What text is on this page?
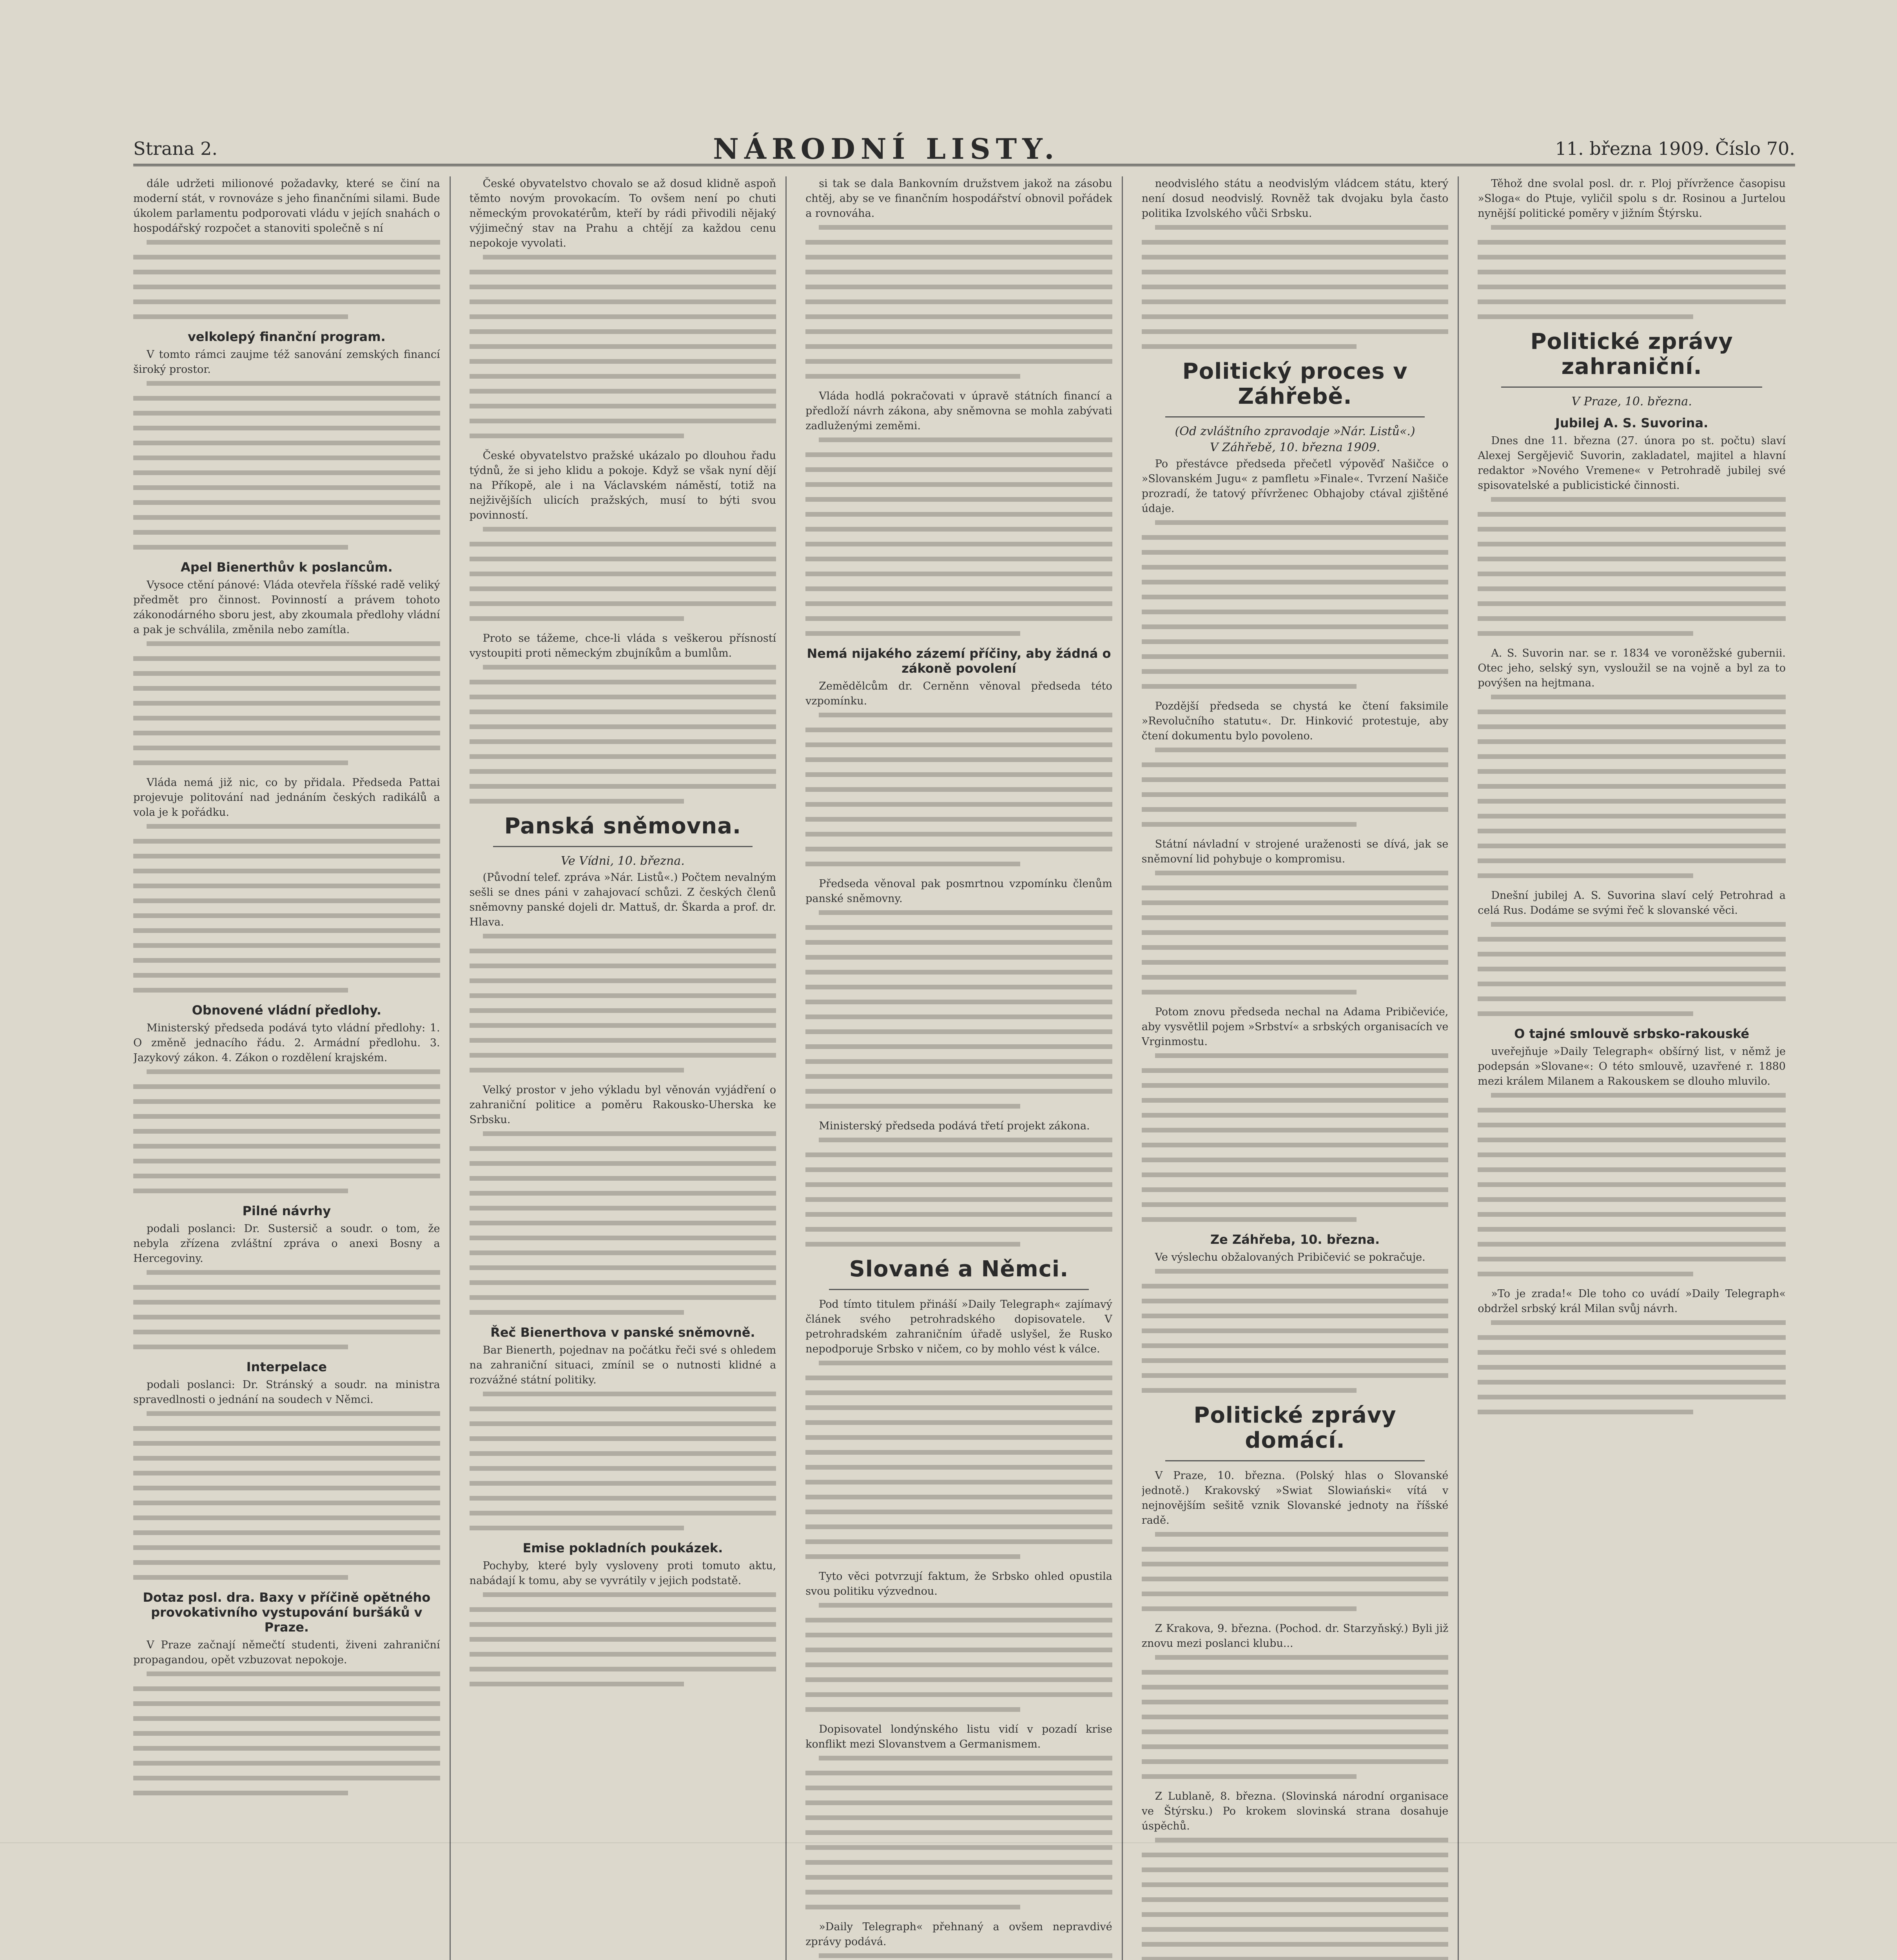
Strana 2.	NÁRODNÍ LISTY.	11. března 1909. Číslo 70.

dále udržeti milionové požadavky, které se činí na moderní stát, v rovnováze s jeho finančními silami. Bude úkolem parlamentu podporovati vládu v jejích snahách o hospodářský rozpočet a stanoviti společně s ní

velkolepý finanční program.

V tomto rámci zaujme též sanování zemských financí široký prostor.

Apel Bienerthův k poslancům.

Vysoce ctění pánové: Vláda otevřela říšské radě veliký předmět pro činnost. Povinností a právem tohoto zákonodárného sboru jest, aby zkoumala předlohy vládní a pak je schválila, změnila nebo zamítla.

Vláda nemá již nic, co by přidala. Předseda Pattai projevuje politování nad jednáním českých radikálů a vola je k pořádku.

Obnovené vládní předlohy.

Ministerský předseda podává tyto vládní předlohy: 1. O změně jednacího řádu. 2. Armádní předlohu. 3. Jazykový zákon. 4. Zákon o rozdělení krajském.

Pilné návrhy

podali poslanci: Dr. Sustersič a soudr. o tom, že nebyla zřízena zvláštní zpráva o anexi Bosny a Hercegoviny.

Interpelace

podali poslanci: Dr. Stránský a soudr. na ministra spravedlnosti o jednání na soudech v Němci.

Dotaz posl. dra. Baxy v příčině opětného provokativního vystupování buršáků v Praze.

V Praze začnají němečtí studenti, živeni zahraniční propagandou, opět vzbuzovat nepokoje.

České obyvatelstvo chovalo se až dosud klidně aspoň těmto novým provokacím. To ovšem není po chuti německým provokatérům, kteří by rádi přivodili nějaký výjimečný stav na Prahu a chtějí za každou cenu nepokoje vyvolati.

České obyvatelstvo pražské ukázalo po dlouhou řadu týdnů, že si jeho klidu a pokoje. Když se však nyní dějí na Příkopě, ale i na Václavském náměstí, totiž na nejživějších ulicích pražských, musí to býti svou povinností.

Proto se tážeme, chce-li vláda s veškerou přísností vystoupiti proti německým zbujníkům a bumlům.

Panská sněmovna.
Ve Vídni, 10. března.

(Původní telef. zpráva »Nár. Listů«.) Počtem nevalným sešli se dnes páni v zahajovací schůzi. Z českých členů sněmovny panské dojeli dr. Mattuš, dr. Škarda a prof. dr. Hlava.

Velký prostor v jeho výkladu byl věnován vyjádření o zahraniční politice a poměru Rakousko-Uherska ke Srbsku.

Řeč Bienerthova v panské sněmovně.

Bar Bienerth, pojednav na počátku řeči své s ohledem na zahraniční situaci, zmínil se o nutnosti klidné a rozvážné státní politiky.

Emise pokladních poukázek.

Pochyby, které byly vysloveny proti tomuto aktu, nabádají k tomu, aby se vyvrátily v jejich podstatě.

si tak se dala Bankovním družstvem jakož na zásobu chtěj, aby se ve finančním hospodářství obnovil pořádek a rovnováha.

Vláda hodlá pokračovati v úpravě státních financí a předloží návrh zákona, aby sněmovna se mohla zabývati zadluženými zeměmi.

Nemá nijakého zázemí příčiny, aby žádná o zákoně povolení

Zemědělcům dr. Cerněnn věnoval předseda této vzpomínku.

Předseda věnoval pak posmrtnou vzpomínku členům panské sněmovny.

Ministerský předseda podává třetí projekt zákona.

Slované a Němci.

Pod tímto titulem přináší »Daily Telegraph« zajímavý článek svého petrohradského dopisovatele. V petrohradském zahraničním úřadě uslyšel, že Rusko nepodporuje Srbsko v ničem, co by mohlo vést k válce.

Tyto věci potvrzují faktum, že Srbsko ohled opustila svou politiku výzvednou.

Dopisovatel londýnského listu vidí v pozadí krise konflikt mezi Slovanstvem a Germanismem.

»Daily Telegraph« přehnaný a ovšem nepravdivé zprávy podává.

neodvislého státu a neodvislým vládcem státu, který není dosud neodvislý. Rovněž tak dvojaku byla často politika Izvolského vůči Srbsku.

Politický proces v Záhřebě.
(Od zvláštního zpravodaje »Nár. Listů«.)
V Záhřebě, 10. března 1909.

Po přestávce předseda přečetl výpověď Našičce o »Slovanském Jugu« z pamfletu »Finale«. Tvrzení Našiče prozradí, že tatový přívrženec Obhajoby ctával zjištěné údaje.

Pozdější předseda se chystá ke čtení faksimile »Revolučního statutu«. Dr. Hinković protestuje, aby čtení dokumentu bylo povoleno.

Státní návladní v strojené uraženosti se dívá, jak se sněmovní lid pohybuje o kompromisu.

Potom znovu předseda nechal na Adama Pribičeviće, aby vysvětlil pojem »Srbství« a srbských organisacích ve Vrginmostu.

Ze Záhřeba, 10. března.

Ve výslechu obžalovaných Pribičević se pokračuje.

Politické zprávy domácí.

V Praze, 10. března. (Polský hlas o Slovanské jednotě.) Krakovský »Swiat Slowiański« vítá v nejnovějším sešitě vznik Slovanské jednoty na říšské radě.

Z Krakova, 9. března. (Pochod. dr. Starzyňský.) Byli již znovu mezi poslanci klubu...

Z Lublaně, 8. března. (Slovinská národní organisace ve Štýrsku.) Po krokem slovinská strana dosahuje úspěchů.

Těhož dne svolal posl. dr. r. Ploj přívržence časopisu »Slogа« do Ptuje, vyličil spolu s dr. Rosinou a Jurtelou nynější politické poměry v jižním Štýrsku.

Politické zprávy zahraniční.
V Praze, 10. března.
Jubilej A. S. Suvorina.

Dnes dne 11. března (27. února po st. počtu) slaví Alexej Sergějevič Suvorin, zakladatel, majitel a hlavní redaktor »Nového Vremene« v Petrohradě jubilej své spisovatelské a publicistické činnosti.

A. S. Suvorin nar. se r. 1834 ve voroněžské gubernii. Otec jeho, selský syn, vysloužil se na vojně a byl za to povýšen na hejtmana.

Dnešní jubilej A. S. Suvorina slaví celý Petrohrad a celá Rus. Dodáme se svými řeč k slovanské věci.

O tajné smlouvě srbsko-rakouské

uveřejňuje »Daily Telegraph« obšírný list, v němž je podepsán »Slovane«: O této smlouvě, uzavřené r. 1880 mezi králem Milanem a Rakouskem se dlouho mluvilo.

»To je zrada!« Dle toho co uvádí »Daily Telegraph« obdržel srbský král Milan svůj návrh.
